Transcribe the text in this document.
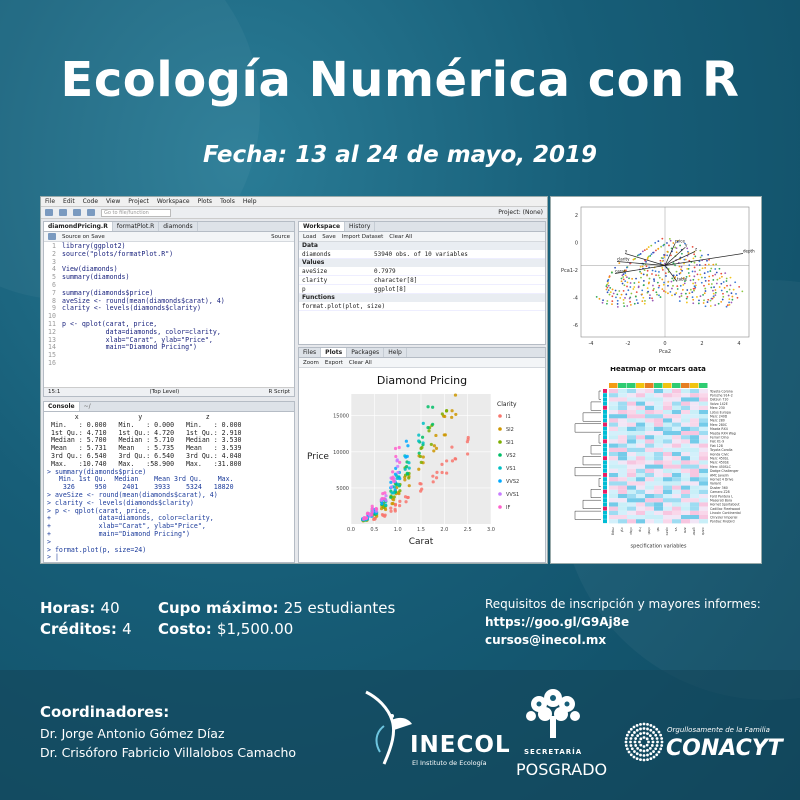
Ecología Numérica con R
Fecha: 13 al 24 de mayo, 2019
File Edit Code View Project Workspace Plots Tools Help
Go to file/function	Project: (None)
diamondPricing.R	formatPlot.R	diamonds
Source on Save	Source
1
2
3
4
5
6
7
8
9
10
11
12
13
14
15
16
library(ggplot2)
source("plots/formatPlot.R")

View(diamonds)
summary(diamonds)

summary(diamonds$price)
aveSize <- round(mean(diamonds$carat), 4)
clarity <- levels(diamonds$clarity)

p <- qplot(carat, price,
data=diamonds, color=clarity,
xlab="Carat", ylab="Price",
main="Diamond Pricing")

15:1	(Top Level)	R Script
Console	~/
x               y                z
Min.   : 0.000   Min.   : 0.000   Min.   : 0.000
1st Qu.: 4.710   1st Qu.: 4.720   1st Qu.: 2.910
Median : 5.700   Median : 5.710   Median : 3.530
Mean   : 5.731   Mean   : 5.735   Mean   : 3.539
3rd Qu.: 6.540   3rd Qu.: 6.540   3rd Qu.: 4.040
Max.   :10.740   Max.   :58.900   Max.   :31.800
> summary(diamonds$price)
Min. 1st Qu.  Median    Mean 3rd Qu.    Max.
326     950    2401    3933    5324   18820
> aveSize <- round(mean(diamonds$carat), 4)
> clarity <- levels(diamonds$clarity)
> p <- qplot(carat, price,
+            data=diamonds, color=clarity,
+            xlab="Carat", ylab="Price",
+            main="Diamond Pricing")
>
> format.plot(p, size=24)
> |
Workspace	History
Load Save Import Dataset Clear All
Data
diamonds	53940 obs. of 10 variables
Values
aveSize	0.7979
clarity	character[8]
p	ggplot[8]
Functions
format.plot(plot, size)
Files	Plots	Packages	Help
Zoom Export Clear All
Diamond Pricing
0.0	0.5	1.0	1.5	2.0	2.5	3.0
5000
10000
15000
Carat
Price
Clarity
I1
SI2
SI1
VS2
VS1
VVS2
VVS1
IF
carat
x
y
z
price
depth
table
clarity
-4	-2	0	2	4
-6
-4
-2
0
2
Pca2
Pca1
Heatmap of mtcars data
Toyota Corona
Porsche 914-2
Datsun 710
Volvo 142E
Merc 230
Lotus Europa
Merc 240D
Merc 280
Merc 280C
Mazda RX4
Mazda RX4 Wag
Ferrari Dino
Fiat X1-9
Fiat 128
Toyota Corolla
Honda Civic
Merc 450SL
Merc 450SE
Merc 450SLC
Dodge Challenger
AMC Javelin
Hornet 4 Drive
Valiant
Duster 360
Camaro Z28
Ford Pantera L
Maserati Bora
Hornet Sportabout
Cadillac Fleetwood
Lincoln Continental
Chrysler Imperial
Pontiac Firebird
mpg cyl disp hp drat wt qsec vs am gear carb
specification variables
Horas: 40
Créditos: 4
Cupo máximo: 25 estudiantes
Costo: $1,500.00
Requisitos de inscripción y mayores informes:
https://goo.gl/G9Aj8e
cursos@inecol.mx
Coordinadores:
Dr. Jorge Antonio Gómez Díaz
Dr. Crisóforo Fabricio Villalobos Camacho	INECOL
El Instituto de Ecología
SECRETARÍA
POSGRADO
Orgullosamente de la Familia
CONACYT
